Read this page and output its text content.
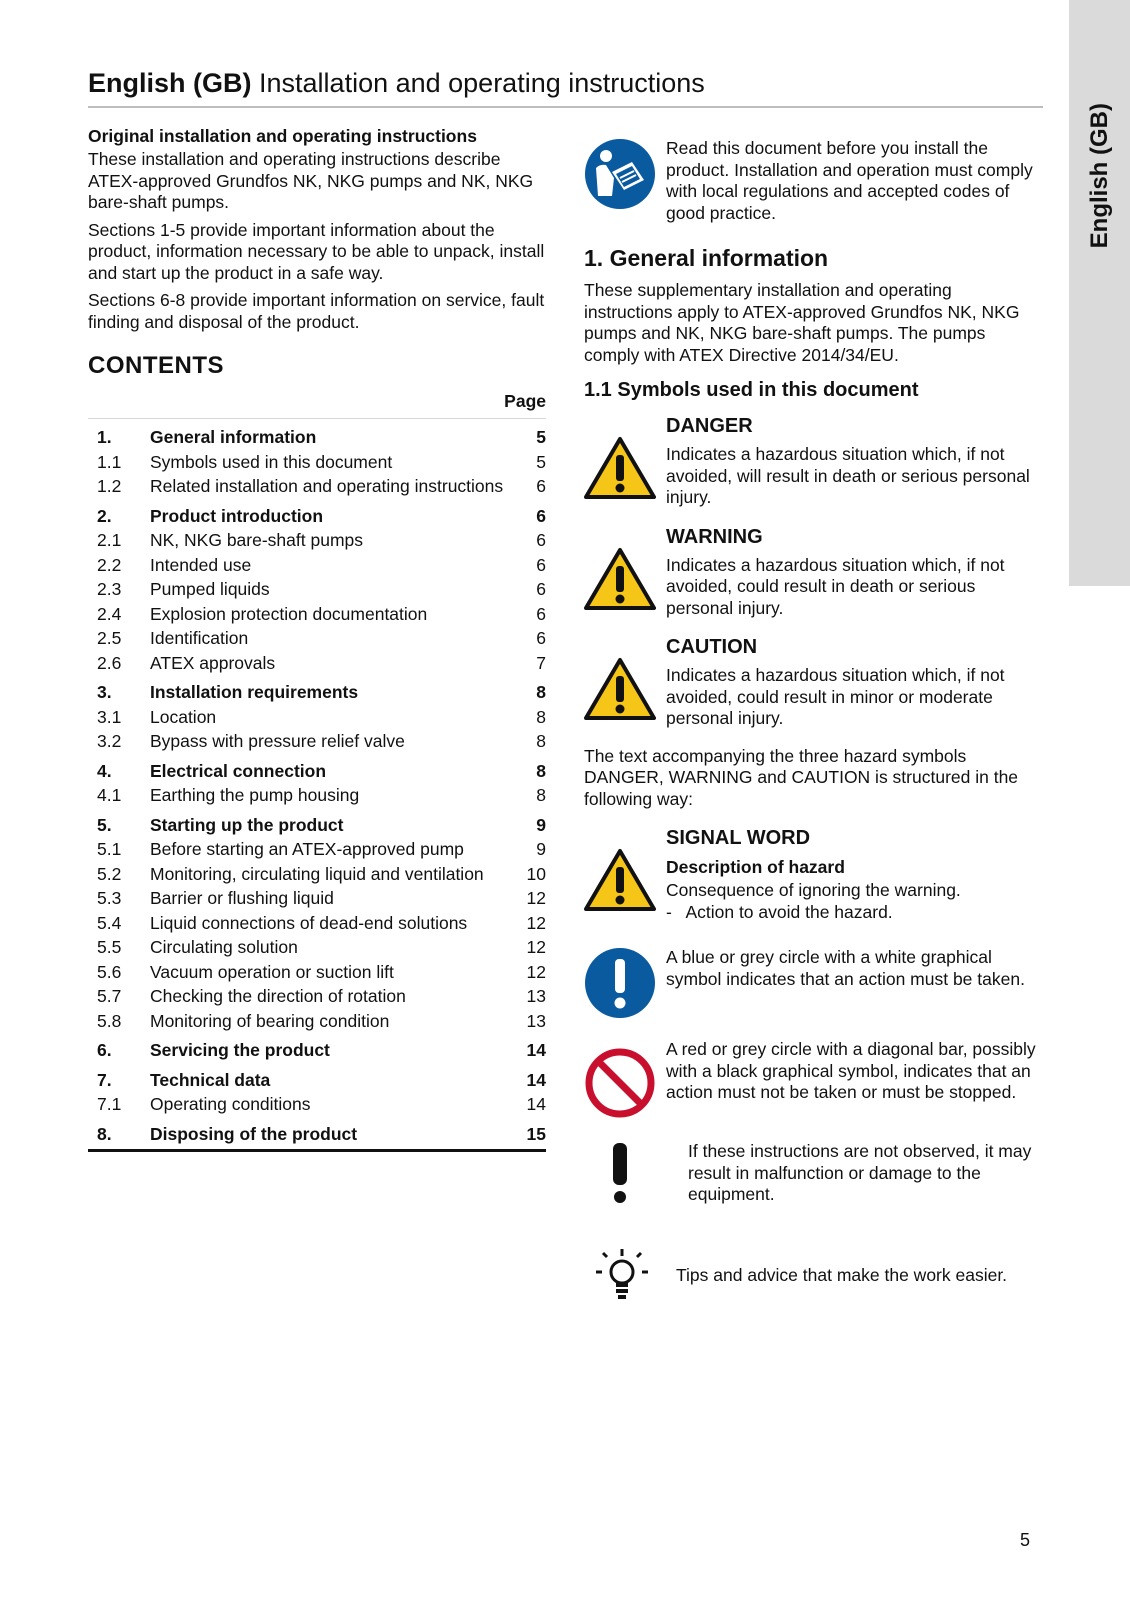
English (GB)
English (GB) Installation and operating instructions
Original installation and operating instructions

These installation and operating instructions describe ATEX-approved Grundfos NK, NKG pumps and NK, NKG bare-shaft pumps.

Sections 1-5 provide important information about the product, information necessary to be able to unpack, install and start up the product in a safe way.

Sections 6-8 provide important information on service, fault finding and disposal of the product.

CONTENTS
Page
1.	General information	5
1.1	Symbols used in this document	5
1.2	Related installation and operating instructions	6
2.	Product introduction	6
2.1	NK, NKG bare-shaft pumps	6
2.2	Intended use	6
2.3	Pumped liquids	6
2.4	Explosion protection documentation	6
2.5	Identification	6
2.6	ATEX approvals	7
3.	Installation requirements	8
3.1	Location	8
3.2	Bypass with pressure relief valve	8
4.	Electrical connection	8
4.1	Earthing the pump housing	8
5.	Starting up the product	9
5.1	Before starting an ATEX-approved pump	9
5.2	Monitoring, circulating liquid and ventilation	10
5.3	Barrier or flushing liquid	12
5.4	Liquid connections of dead-end solutions	12
5.5	Circulating solution	12
5.6	Vacuum operation or suction lift	12
5.7	Checking the direction of rotation	13
5.8	Monitoring of bearing condition	13
6.	Servicing the product	14
7.	Technical data	14
7.1	Operating conditions	14
8.	Disposing of the product	15

Read this document before you install the product. Installation and operation must comply with local regulations and accepted codes of good practice.

1. General information

These supplementary installation and operating instructions apply to ATEX-approved Grundfos NK, NKG pumps and NK, NKG bare-shaft pumps. The pumps comply with ATEX Directive 2014/34/EU.

1.1 Symbols used in this document
DANGER

Indicates a hazardous situation which, if not avoided, will result in death or serious personal injury.

WARNING

Indicates a hazardous situation which, if not avoided, could result in death or serious personal injury.

CAUTION

Indicates a hazardous situation which, if not avoided, could result in minor or moderate personal injury.

The text accompanying the three hazard symbols DANGER, WARNING and CAUTION is structured in the following way:

SIGNAL WORD
Description of hazard
Consequence of ignoring the warning.
-   Action to avoid the hazard.

A blue or grey circle with a white graphical symbol indicates that an action must be taken.

A red or grey circle with a diagonal bar, possibly with a black graphical symbol, indicates that an action must not be taken or must be stopped.

If these instructions are not observed, it may result in malfunction or damage to the equipment.

Tips and advice that make the work easier.

5
